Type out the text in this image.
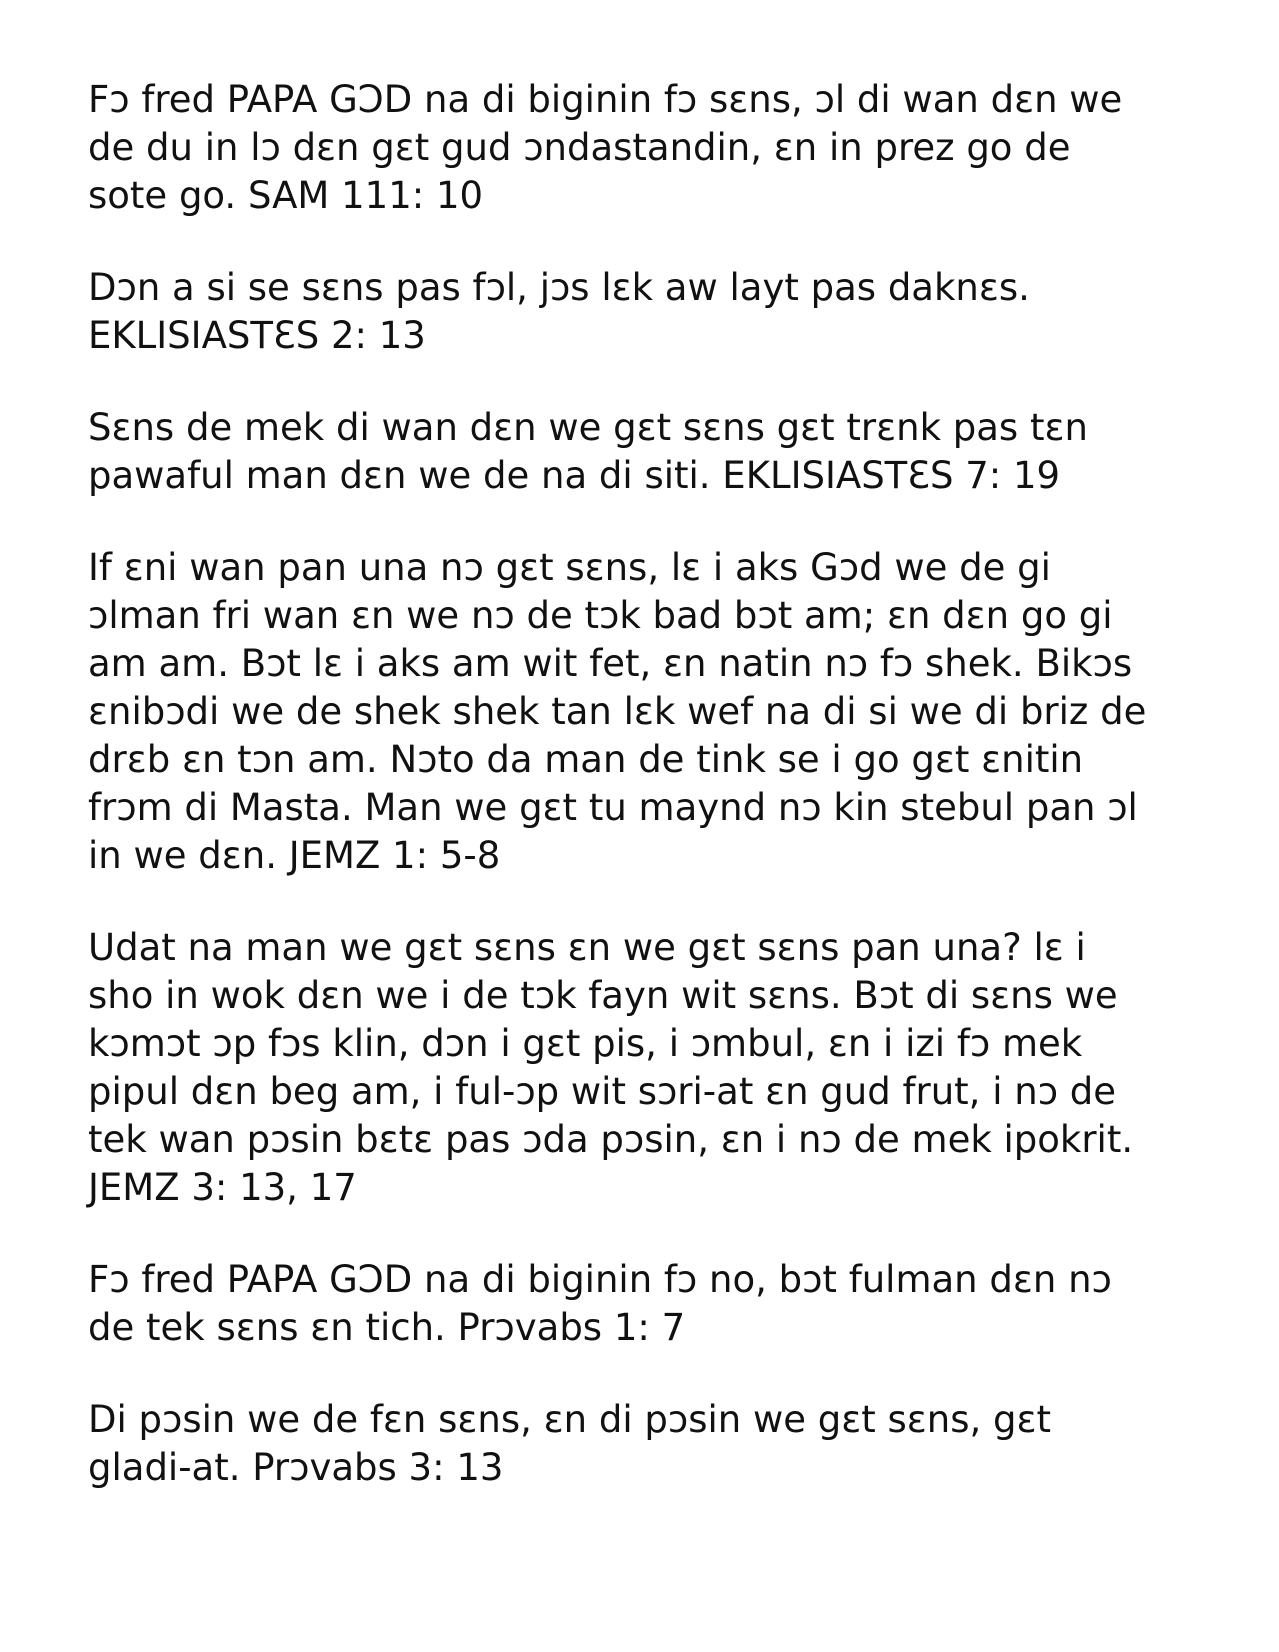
Fɔ fred PAPA GƆD na di biginin fɔ sɛns, ɔl di wan dɛn we
de du in lɔ dɛn gɛt gud ɔndastandin, ɛn in prez go de
sote go. SAM 111: 10

Dɔn a si se sɛns pas fɔl, jɔs lɛk aw layt pas daknɛs.
EKLISIASTƐS 2: 13

Sɛns de mek di wan dɛn we gɛt sɛns gɛt trɛnk pas tɛn
pawaful man dɛn we de na di siti. EKLISIASTƐS 7: 19

If ɛni wan pan una nɔ gɛt sɛns, lɛ i aks Gɔd we de gi
ɔlman fri wan ɛn we nɔ de tɔk bad bɔt am; ɛn dɛn go gi
am am. Bɔt lɛ i aks am wit fet, ɛn natin nɔ fɔ shek. Bikɔs
ɛnibɔdi we de shek shek tan lɛk wef na di si we di briz de
drɛb ɛn tɔn am. Nɔto da man de tink se i go gɛt ɛnitin
frɔm di Masta. Man we gɛt tu maynd nɔ kin stebul pan ɔl
in we dɛn. JEMZ 1: 5-8

Udat na man we gɛt sɛns ɛn we gɛt sɛns pan una? lɛ i
sho in wok dɛn we i de tɔk fayn wit sɛns. Bɔt di sɛns we
kɔmɔt ɔp fɔs klin, dɔn i gɛt pis, i ɔmbul, ɛn i izi fɔ mek
pipul dɛn beg am, i ful-ɔp wit sɔri-at ɛn gud frut, i nɔ de
tek wan pɔsin bɛtɛ pas ɔda pɔsin, ɛn i nɔ de mek ipokrit.
JEMZ 3: 13, 17

Fɔ fred PAPA GƆD na di biginin fɔ no, bɔt fulman dɛn nɔ
de tek sɛns ɛn tich. Prɔvabs 1: 7

Di pɔsin we de fɛn sɛns, ɛn di pɔsin we gɛt sɛns, gɛt
gladi-at. Prɔvabs 3: 13
